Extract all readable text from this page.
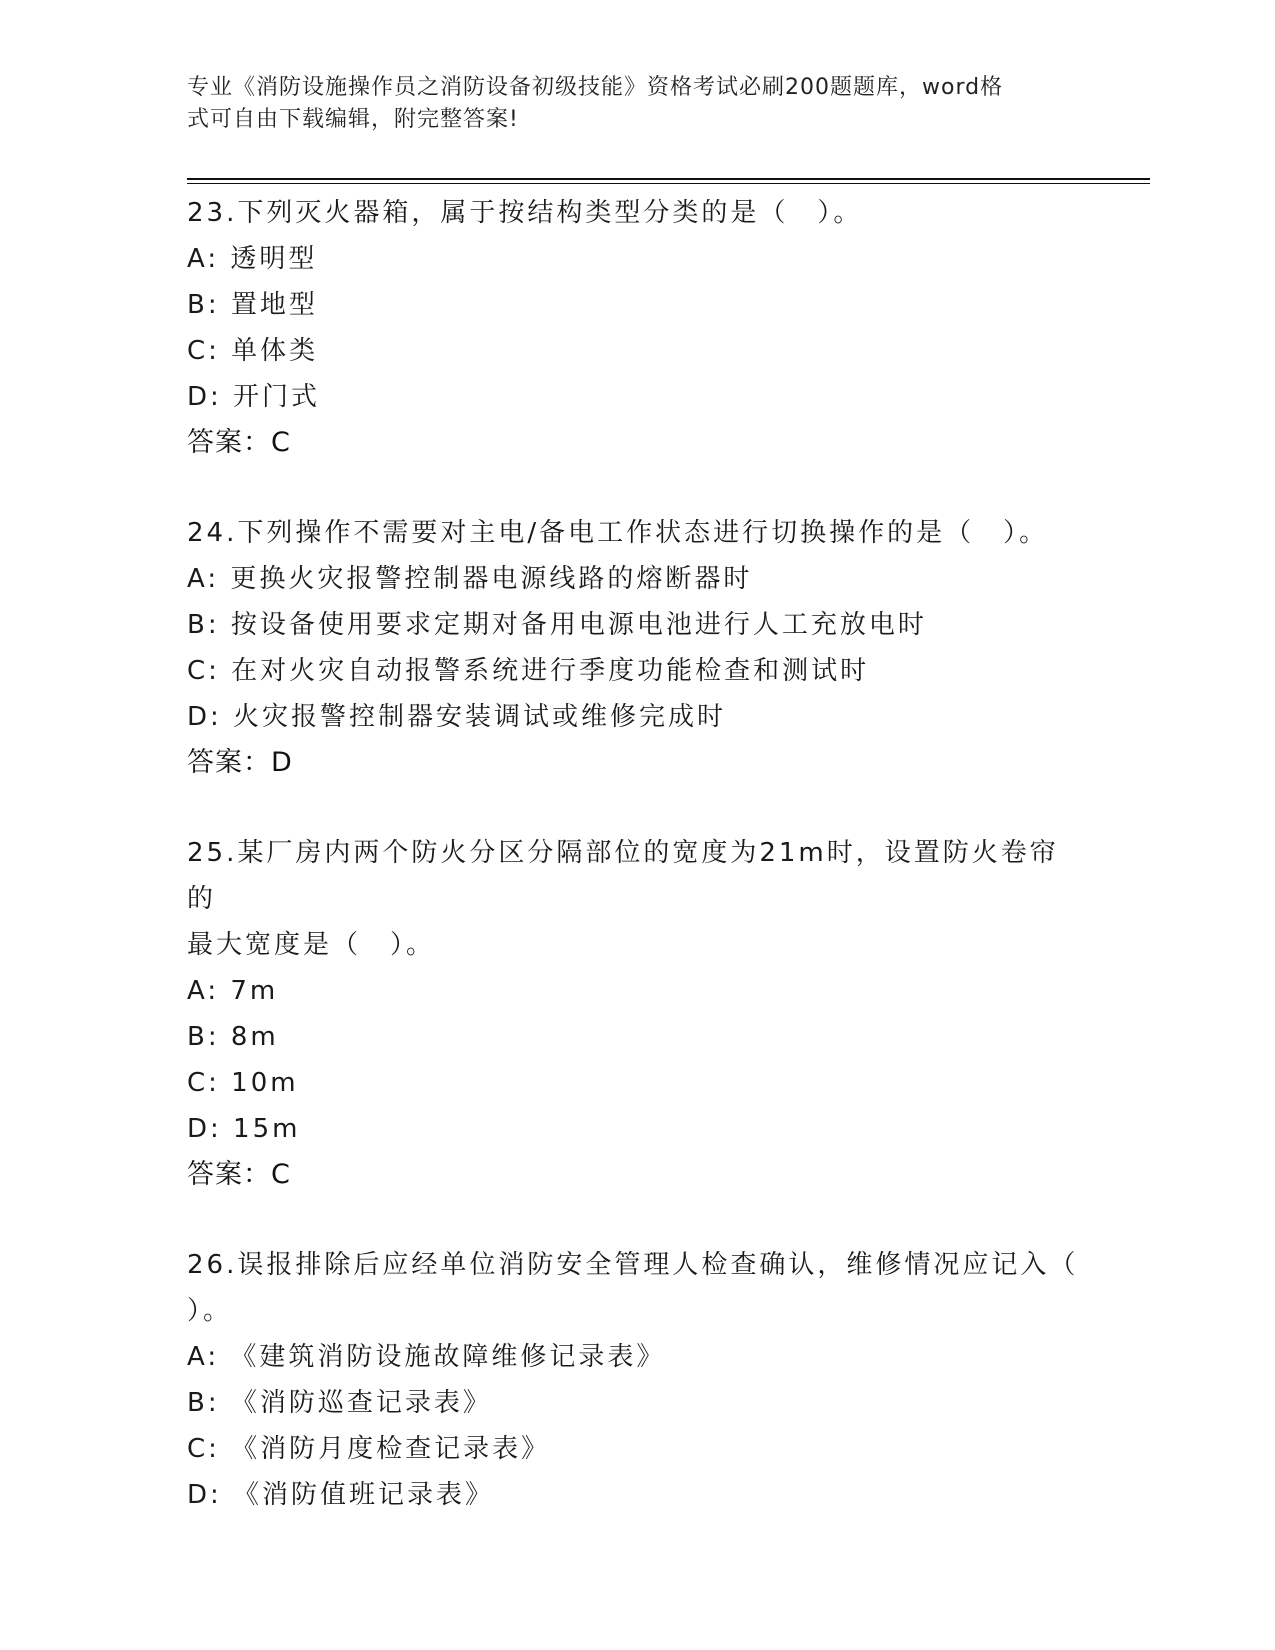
专业《消防设施操作员之消防设备初级技能》资格考试必刷200题题库，word格
式可自由下载编辑，附完整答案!

23.下列灭火器箱，属于按结构类型分类的是（　）。

A: 透明型

B: 置地型

C: 单体类

D: 开门式

答案：C

24.下列操作不需要对主电/备电工作状态进行切换操作的是（　）。

A: 更换火灾报警控制器电源线路的熔断器时

B: 按设备使用要求定期对备用电源电池进行人工充放电时

C: 在对火灾自动报警系统进行季度功能检查和测试时

D: 火灾报警控制器安装调试或维修完成时

答案：D

25.某厂房内两个防火分区分隔部位的宽度为21m时，设置防火卷帘的

最大宽度是（　）。

A: 7m

B: 8m

C: 10m

D: 15m

答案：C

26.误报排除后应经单位消防安全管理人检查确认，维修情况应记入（

）。

A: 《建筑消防设施故障维修记录表》

B: 《消防巡查记录表》

C: 《消防月度检查记录表》

D: 《消防值班记录表》
